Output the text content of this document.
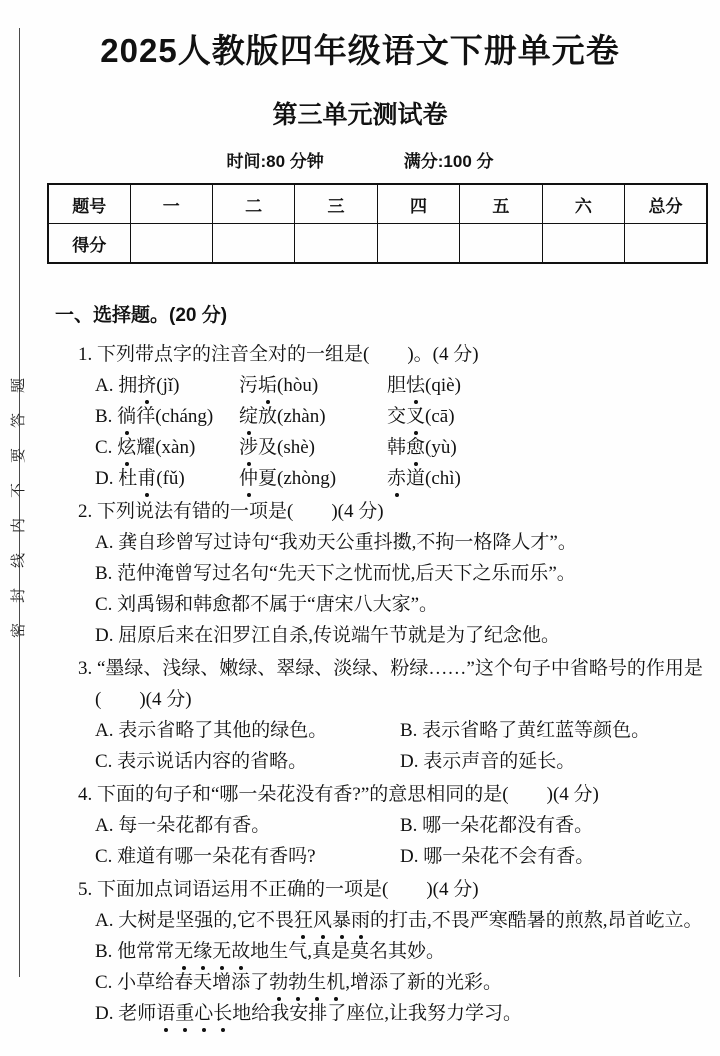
密封线内不要答题
2025人教版四年级语文下册单元卷
第三单元测试卷
时间:80 分钟	满分:100 分
题号	一	二	三	四	五	六	总分
得分							
一、选择题。(20 分)
1. 下列带点字的注音全对的一组是(　　)。(4 分)
A. 拥挤(jǐ)	污垢(hòu)	胆怯(qiè)
B. 徜徉(cháng)	绽放(zhàn)	交叉(cā)
C. 炫耀(xàn)	涉及(shè)	韩愈(yù)
D. 杜甫(fǔ)	仲夏(zhòng)	赤道(chì)
2. 下列说法有错的一项是(　　)(4 分)
A. 龚自珍曾写过诗句“我劝天公重抖擞,不拘一格降人才”。
B. 范仲淹曾写过名句“先天下之忧而忧,后天下之乐而乐”。
C. 刘禹锡和韩愈都不属于“唐宋八大家”。
D. 屈原后来在汨罗江自杀,传说端午节就是为了纪念他。
3. “墨绿、浅绿、嫩绿、翠绿、淡绿、粉绿……”这个句子中省略号的作用是(　　)(4 分)
A. 表示省略了其他的绿色。	B. 表示省略了黄红蓝等颜色。
C. 表示说话内容的省略。	D. 表示声音的延长。
4. 下面的句子和“哪一朵花没有香?”的意思相同的是(　　)(4 分)
A. 每一朵花都有香。	B. 哪一朵花都没有香。
C. 难道有哪一朵花有香吗?	D. 哪一朵花不会有香。
5. 下面加点词语运用不正确的一项是(　　)(4 分)
A. 大树是坚强的,它不畏狂风暴雨的打击,不畏严寒酷暑的煎熬,昂首屹立。
B. 他常常无缘无故地生气,真是莫名其妙。
C. 小草给春天增添了勃勃生机,增添了新的光彩。
D. 老师语重心长地给我安排了座位,让我努力学习。
